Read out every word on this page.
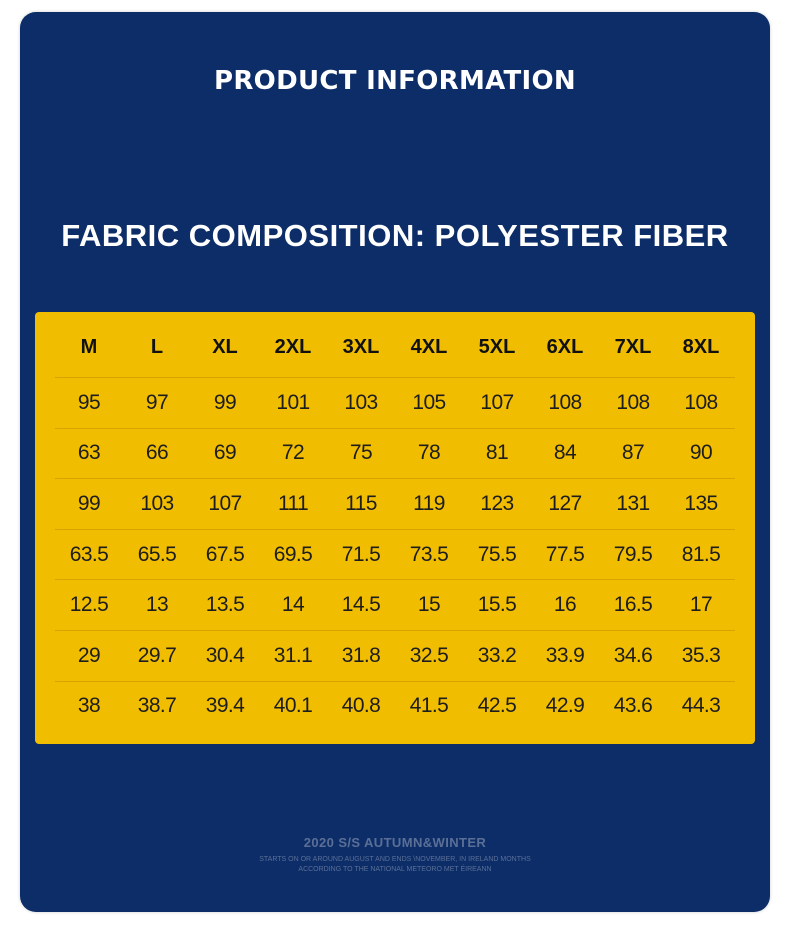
PRODUCT INFORMATION
FABRIC COMPOSITION: POLYESTER FIBER
M	L	XL	2XL	3XL	4XL	5XL	6XL	7XL	8XL
95	97	99	101	103	105	107	108	108	108
63	66	69	72	75	78	81	84	87	90
99	103	107	111	115	119	123	127	131	135
63.5	65.5	67.5	69.5	71.5	73.5	75.5	77.5	79.5	81.5
12.5	13	13.5	14	14.5	15	15.5	16	16.5	17
29	29.7	30.4	31.1	31.8	32.5	33.2	33.9	34.6	35.3
38	38.7	39.4	40.1	40.8	41.5	42.5	42.9	43.6	44.3
2020 S/S AUTUMN&WINTER
STARTS ON OR AROUND AUGUST AND ENDS \NOVEMBER, IN IRELAND MONTHS
ACCORDING TO THE NATIONAL METEORO MET ÉIREANN
